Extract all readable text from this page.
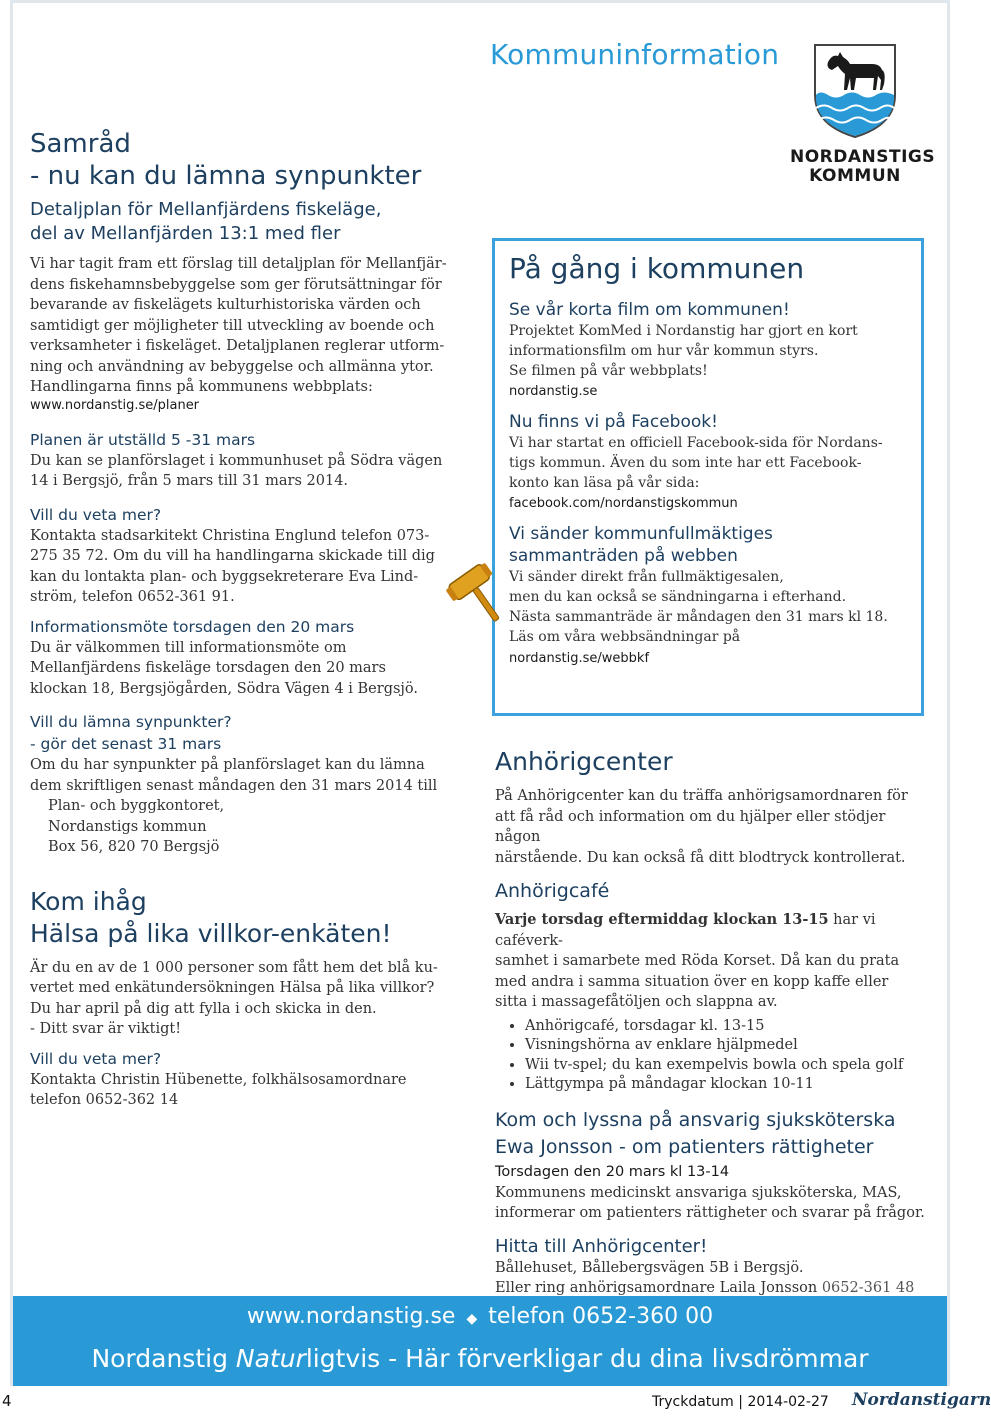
Kommuninformation
NORDANSTIGS
KOMMUN
Samråd
- nu kan du lämna synpunkter
Detaljplan för Mellanfjärdens fiskeläge,
del av Mellanfjärden 13:1 med fler
Vi har tagit fram ett förslag till detaljplan för Mellanfjär-
dens fiskehamnsbebyggelse som ger förutsättningar för
bevarande av fiskelägets kulturhistoriska värden och
samtidigt ger möjligheter till utveckling av boende och
verksamheter i fiskeläget. Detaljplanen reglerar utform-
ning och användning av bebyggelse och allmänna ytor.
Handlingarna finns på kommunens webbplats:
www.nordanstig.se/planer
Planen är utställd 5 -31 mars
Du kan se planförslaget i kommunhuset på Södra vägen
14 i Bergsjö, från 5 mars till 31 mars 2014.
Vill du veta mer?
Kontakta stadsarkitekt Christina Englund telefon 073-
275 35 72. Om du vill ha handlingarna skickade till dig
kan du lontakta plan- och byggsekreterare Eva Lind-
ström, telefon 0652-361 91.
Informationsmöte torsdagen den 20 mars
Du är välkommen till informationsmöte om
Mellanfjärdens fiskeläge torsdagen den 20 mars
klockan 18, Bergsjögården, Södra Vägen 4 i Bergsjö.
Vill du lämna synpunkter?
- gör det senast 31 mars
Om du har synpunkter på planförslaget kan du lämna
dem skriftligen senast måndagen den 31 mars 2014 till
Plan- och byggkontoret,
Nordanstigs kommun
Box 56, 820 70 Bergsjö
Kom ihåg
Hälsa på lika villkor-enkäten!
Är du en av de 1 000 personer som fått hem det blå ku-
vertet med enkätundersökningen Hälsa på lika villkor?
Du har april på dig att fylla i och skicka in den.
- Ditt svar är viktigt!
Vill du veta mer?
Kontakta Christin Hübenette, folkhälsosamordnare
telefon 0652-362 14
På gång i kommunen
Se vår korta film om kommunen!
Projektet KomMed i Nordanstig har gjort en kort
informationsfilm om hur vår kommun styrs.
Se filmen på vår webbplats!
nordanstig.se
Nu finns vi på Facebook!
Vi har startat en officiell Facebook-sida för Nordans-
tigs kommun. Även du som inte har ett Facebook-
konto kan läsa på vår sida:
facebook.com/nordanstigskommun
Vi sänder kommunfullmäktiges
sammanträden på webben
Vi sänder direkt från fullmäktigesalen,
men du kan också se sändningarna i efterhand.
Nästa sammanträde är måndagen den 31 mars kl 18.
Läs om våra webbsändningar på
nordanstig.se/webbkf
Anhörigcenter
På Anhörigcenter kan du träffa anhörigsamordnaren för
att få råd och information om du hjälper eller stödjer någon
närstående. Du kan också få ditt blodtryck kontrollerat.
Anhörigcafé
Varje torsdag eftermiddag klockan 13-15 har vi caféverk-
samhet i samarbete med Röda Korset. Då kan du prata
med andra i samma situation över en kopp kaffe eller
sitta i massagefåtöljen och slappna av.
• Anhörigcafé, torsdagar kl. 13-15
• Visningshörna av enklare hjälpmedel
• Wii tv-spel; du kan exempelvis bowla och spela golf
• Lättgympa på måndagar klockan 10-11
Kom och lyssna på ansvarig sjuksköterska
Ewa Jonsson - om patienters rättigheter
Torsdagen den 20 mars kl 13-14
Kommunens medicinskt ansvariga sjuksköterska, MAS,
informerar om patienters rättigheter och svarar på frågor.
Hitta till Anhörigcenter!
Bållehuset, Bållebergsvägen 5B i Bergsjö.
Eller ring anhörigsamordnare Laila Jonsson 0652-361 48
www.nordanstig.se ◆ telefon 0652-360 00
Nordanstig Naturligtvis - Här förverkligar du dina livsdrömmar
4	Tryckdatum | 2014-02-27 Nordanstigarn
